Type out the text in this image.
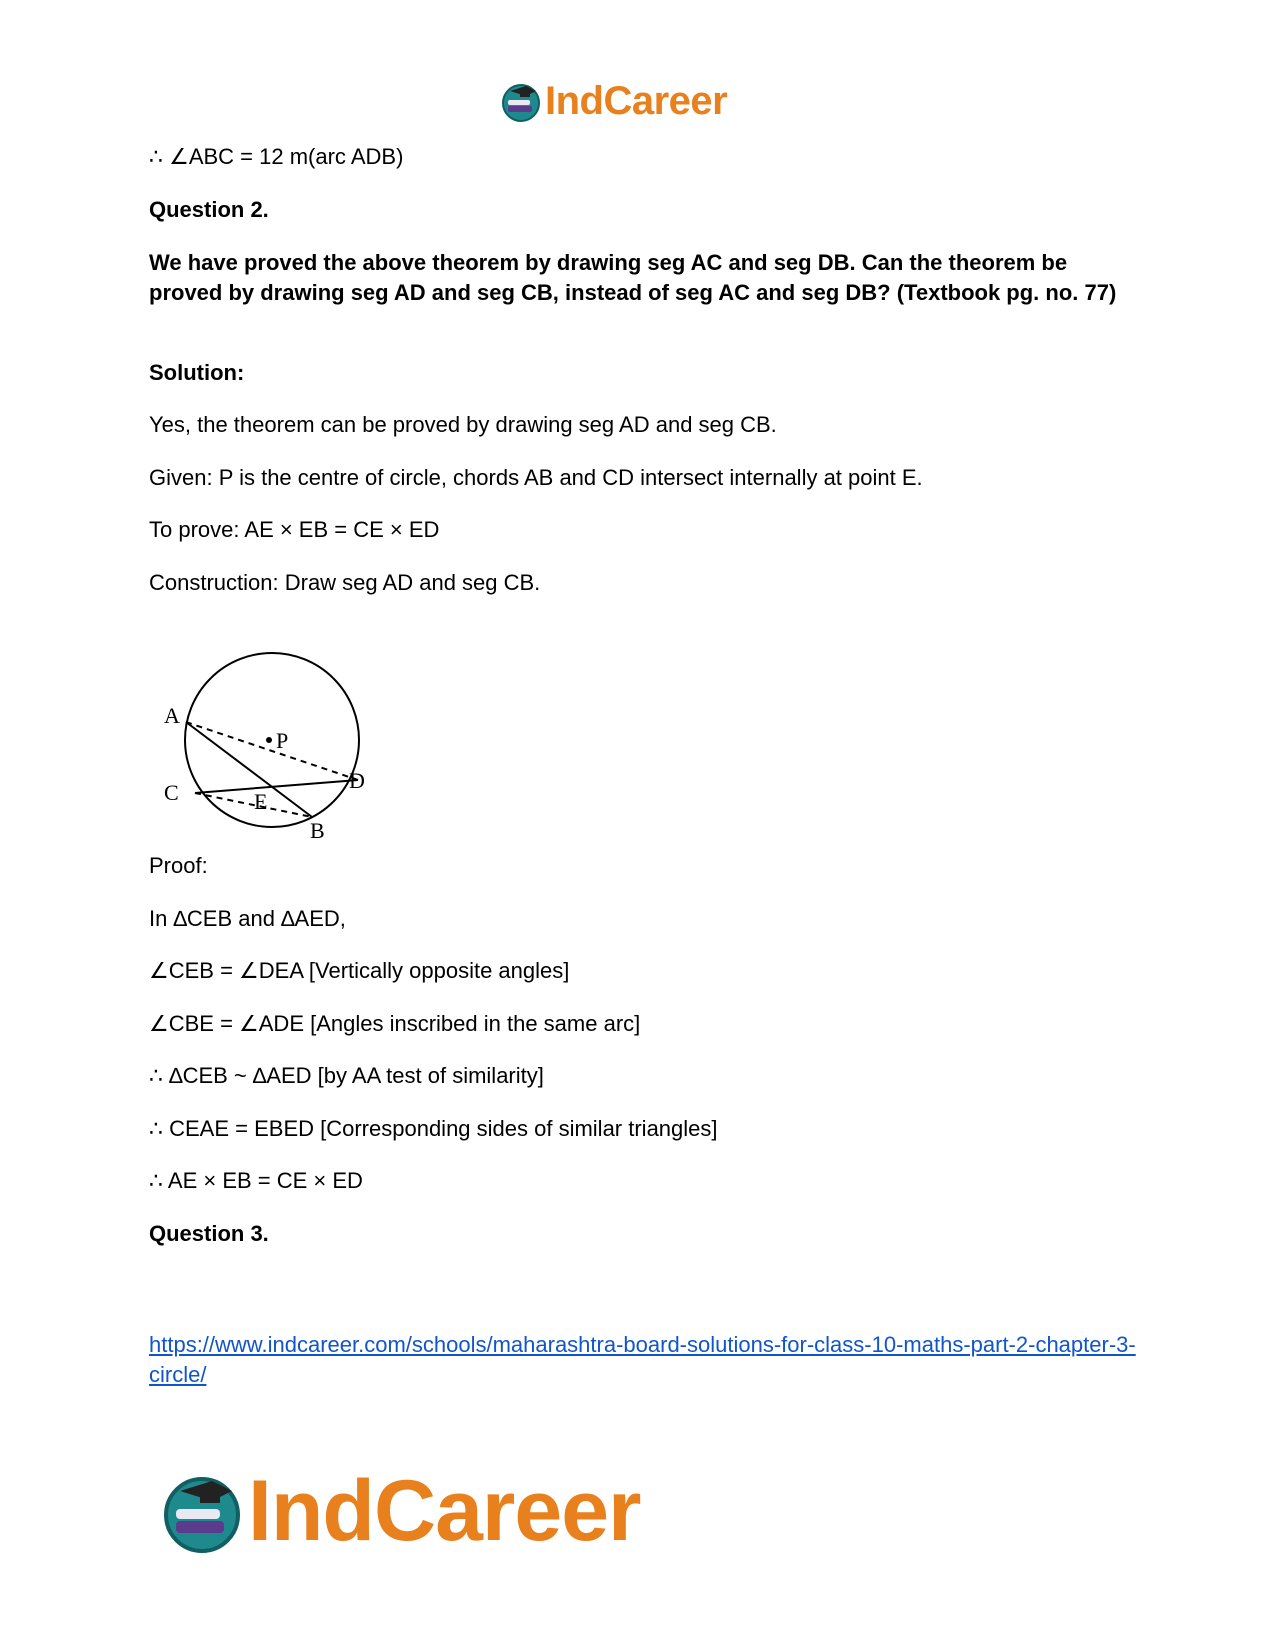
IndCareer
∴ ∠ABC = 12 m(arc ADB)
Question 2.
We have proved the above theorem by drawing seg AC and seg DB. Can the theorem be proved by drawing seg AD and seg CB, instead of seg AC and seg DB? (Textbook pg. no. 77)
Solution:
Yes, the theorem can be proved by drawing seg AD and seg CB.
Given: P is the centre of circle, chords AB and CD intersect internally at point E.
To prove: AE × EB = CE × ED
Construction: Draw seg AD and seg CB.
A
P
C	E
D
B
Proof:
In ∆CEB and ∆AED,
∠CEB = ∠DEA [Vertically opposite angles]
∠CBE = ∠ADE [Angles inscribed in the same arc]
∴ ∆CEB ~ ∆AED [by AA test of similarity]
∴ CEAE = EBED [Corresponding sides of similar triangles]
∴ AE × EB = CE × ED
Question 3.
https://www.indcareer.com/schools/maharashtra-board-solutions-for-class-10-maths-part-2-chapter-3-circle/
IndCareer
